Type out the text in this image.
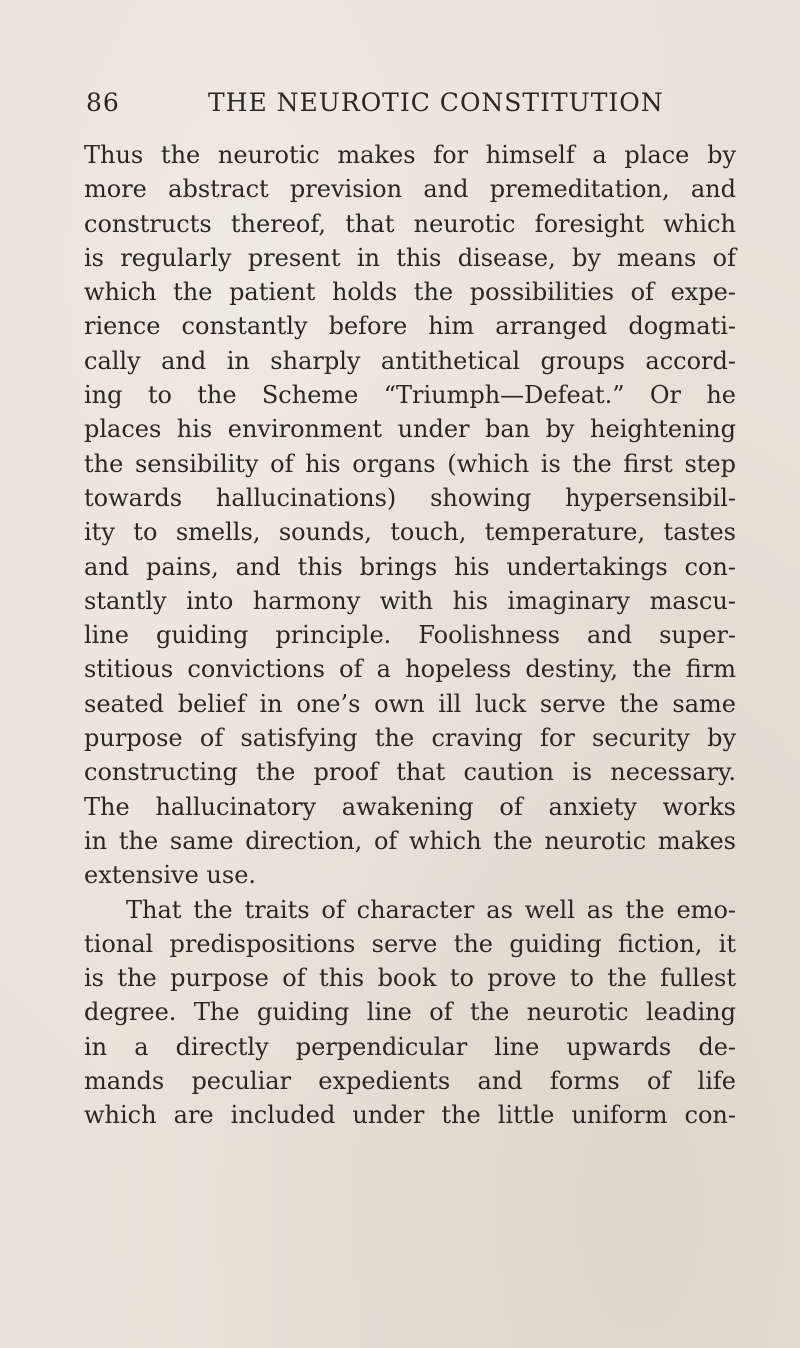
86	THE NEUROTIC CONSTITUTION
Thus the neurotic makes for himself a place by
more abstract prevision and premeditation, and
constructs thereof, that neurotic foresight which
is regularly present in this disease, by means of
which the patient holds the possibilities of expe-
rience constantly before him arranged dogmati-
cally and in sharply antithetical groups accord-
ing to the Scheme “Triumph—Defeat.” Or he
places his environment under ban by heightening
the sensibility of his organs (which is the first step
towards hallucinations) showing hypersensibil-
ity to smells, sounds, touch, temperature, tastes
and pains, and this brings his undertakings con-
stantly into harmony with his imaginary mascu-
line guiding principle. Foolishness and super-
stitious convictions of a hopeless destiny, the firm
seated belief in one’s own ill luck serve the same
purpose of satisfying the craving for security by
constructing the proof that caution is necessary.
The hallucinatory awakening of anxiety works
in the same direction, of which the neurotic makes
extensive use.
That the traits of character as well as the emo-
tional predispositions serve the guiding fiction, it
is the purpose of this book to prove to the fullest
degree. The guiding line of the neurotic leading
in a directly perpendicular line upwards de-
mands peculiar expedients and forms of life
which are included under the little uniform con-
